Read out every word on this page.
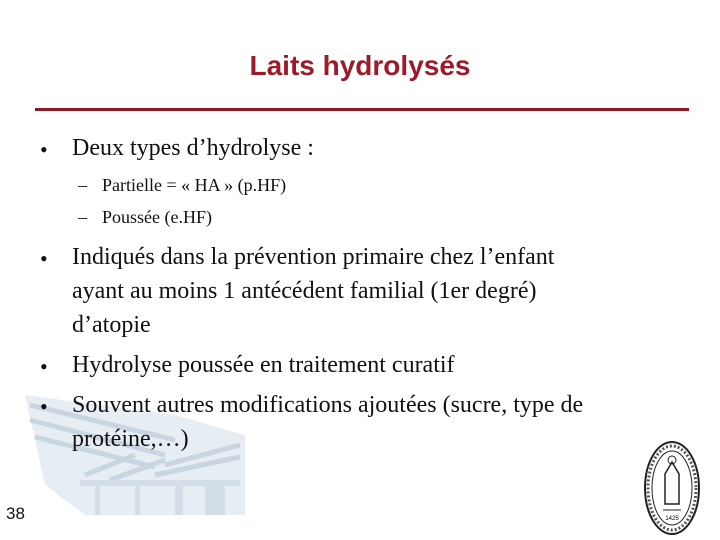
Laits hydrolysés
• Deux types d’hydrolyse :
– Partielle = « HA » (p.HF)
– Poussée (e.HF)
• Indiqués dans la prévention primaire chez l’enfant
ayant au moins 1 antécédent familial (1er degré)
d’atopie
• Hydrolyse poussée en traitement curatif
• Souvent autres modifications ajoutées (sucre, type de
protéine,…)
38	1425
